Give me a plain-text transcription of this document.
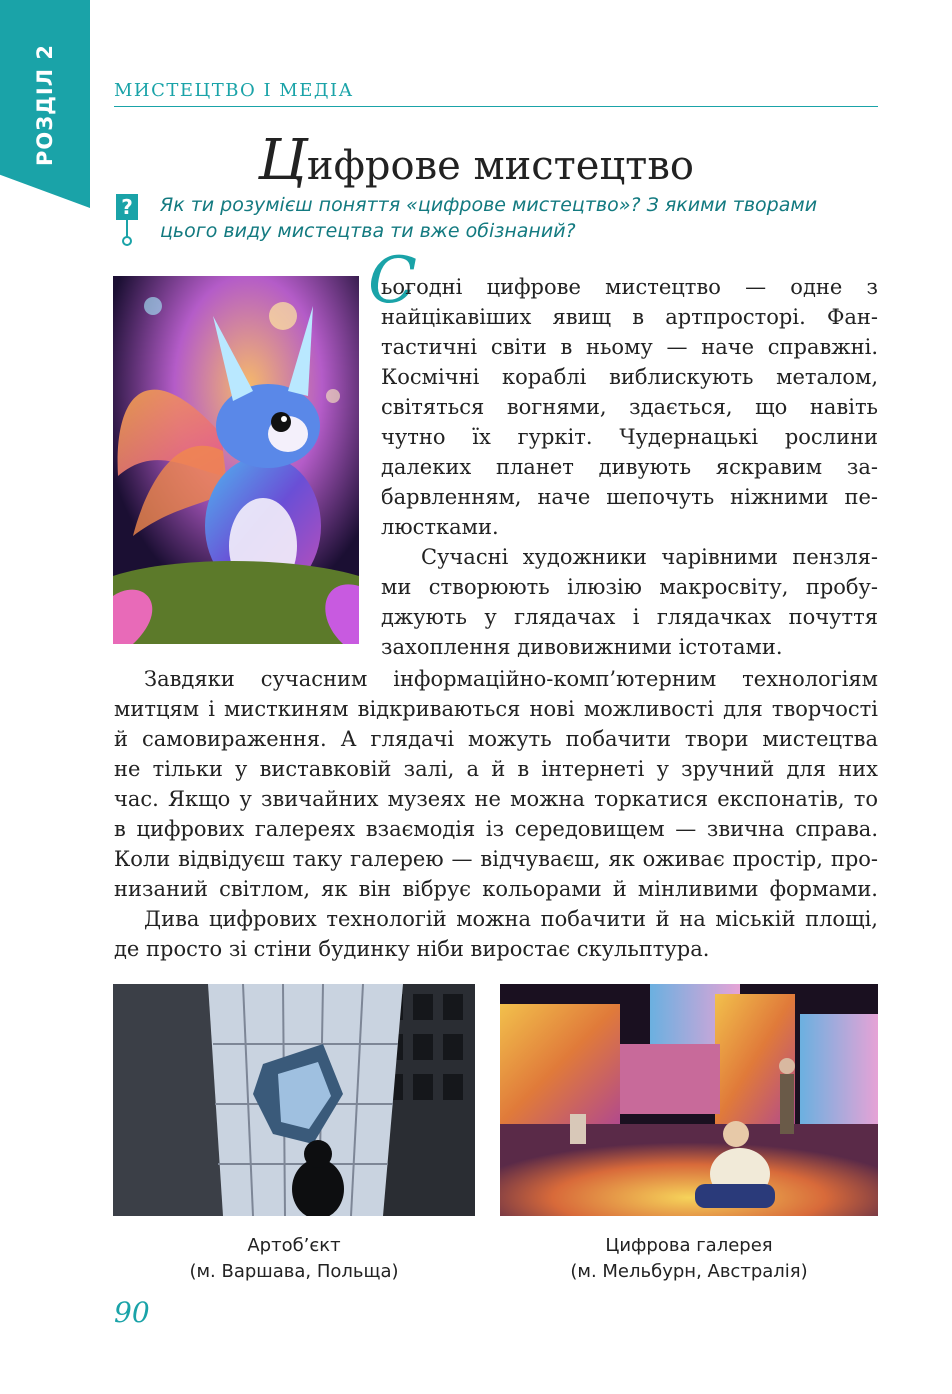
РОЗДІЛ 2	МИСТЕЦТВО І МЕДІА
Цифрове мистецтво
? Як ти розумієш поняття «цифрове мистецтво»? З якими творами
цього виду мистецтва ти вже обізнаний?
С
ьогодні цифрове мистецтво — одне з
найцікавіших явищ в артпросторі. Фан-
тастичні світи в ньому — наче справжні.
Космічні кораблі виблискують металом,
світяться вогнями, здається, що навіть
чутно їх гуркіт. Чудернацькі рослини
далеких планет дивують яскравим за-
барвленням, наче шепочуть ніжними пе-
люстками.
Сучасні художники чарівними пензля-
ми створюють ілюзію макросвіту, пробу-
джують у глядачах і глядачках почуття
захоплення дивовижними істотами.
Завдяки сучасним інформаційно-комп’ютерним технологіям
митцям і мисткиням відкриваються нові можливості для творчості
й самовираження. А глядачі можуть побачити твори мистецтва
не тільки у виставковій залі, а й в інтернеті у зручний для них
час. Якщо у звичайних музеях не можна торкатися експонатів, то
в цифрових галереях взаємодія із середовищем — звична справа.
Коли відвідуєш таку галерею — відчуваєш, як оживає простір, про-
низаний світлом, як він вібрує кольорами й мінливими формами.
Дива цифрових технологій можна побачити й на міській площі,
де просто зі стіни будинку ніби виростає скульптура.
Артоб’єкт
(м. Варшава, Польща)
Цифрова галерея
(м. Мельбурн, Австралія)
90
